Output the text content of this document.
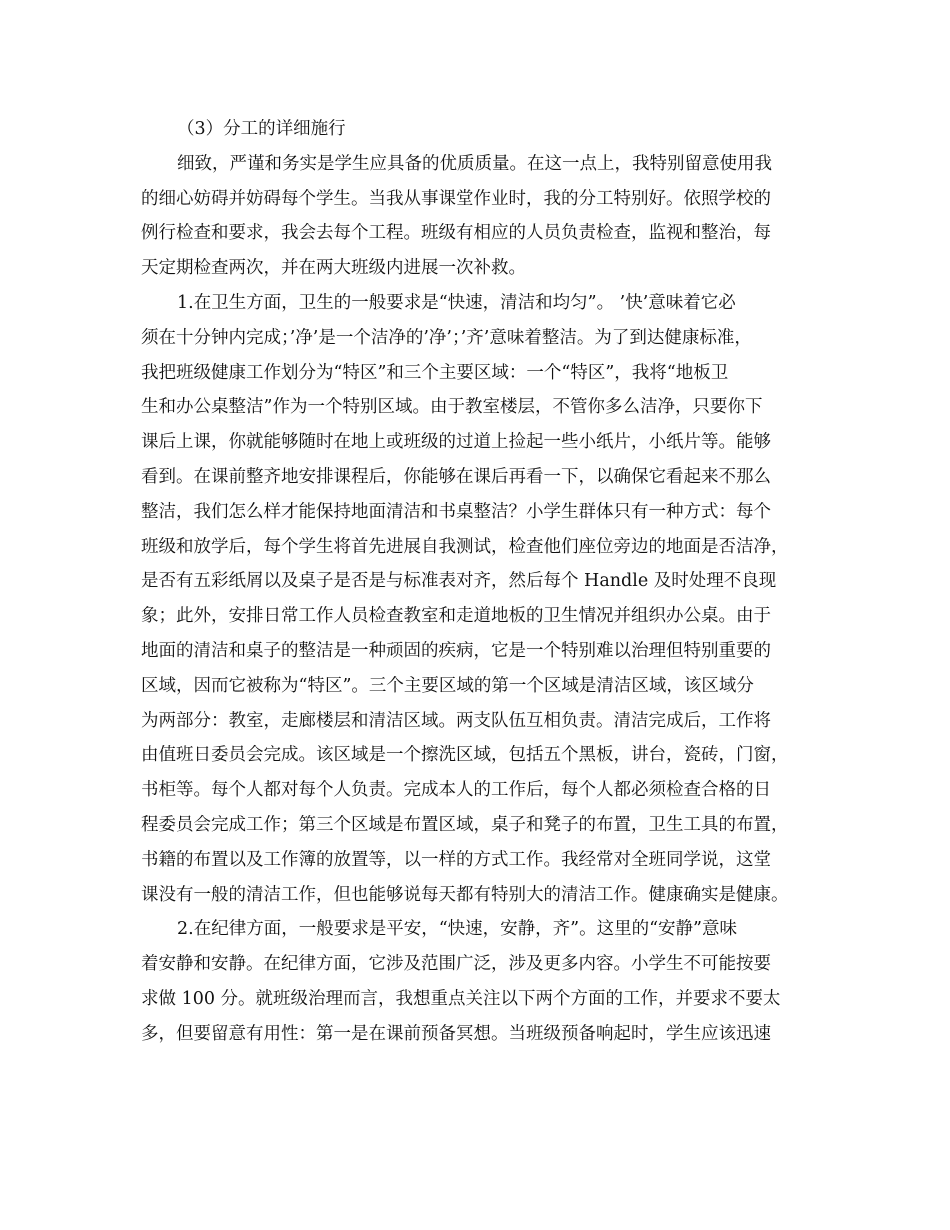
（3）分工的详细施行
细致，严谨和务实是学生应具备的优质质量。在这一点上，我特别留意使用我
的细心妨碍并妨碍每个学生。当我从事课堂作业时，我的分工特别好。依照学校的
例行检查和要求，我会去每个工程。班级有相应的人员负责检查，监视和整治，每
天定期检查两次，并在两大班级内进展一次补救。
1.在卫生方面，卫生的一般要求是“快速，清洁和均匀”。 ’快’意味着它必
须在十分钟内完成；’净’是一个洁净的’净’；’齐’意味着整洁。为了到达健康标准，
我把班级健康工作划分为“特区”和三个主要区域：一个“特区”，我将“地板卫
生和办公桌整洁”作为一个特别区域。由于教室楼层，不管你多么洁净，只要你下
课后上课，你就能够随时在地上或班级的过道上捡起一些小纸片，小纸片等。能够
看到。在课前整齐地安排课程后，你能够在课后再看一下，以确保它看起来不那么
整洁，我们怎么样才能保持地面清洁和书桌整洁？小学生群体只有一种方式：每个
班级和放学后，每个学生将首先进展自我测试，检查他们座位旁边的地面是否洁净，
是否有五彩纸屑以及桌子是否是与标准表对齐，然后每个 Handle 及时处理不良现
象；此外，安排日常工作人员检查教室和走道地板的卫生情况并组织办公桌。由于
地面的清洁和桌子的整洁是一种顽固的疾病，它是一个特别难以治理但特别重要的
区域，因而它被称为“特区”。三个主要区域的第一个区域是清洁区域，该区域分
为两部分：教室，走廊楼层和清洁区域。两支队伍互相负责。清洁完成后，工作将
由值班日委员会完成。该区域是一个擦洗区域，包括五个黑板，讲台，瓷砖，门窗，
书柜等。每个人都对每个人负责。完成本人的工作后，每个人都必须检查合格的日
程委员会完成工作；第三个区域是布置区域，桌子和凳子的布置，卫生工具的布置，
书籍的布置以及工作簿的放置等，以一样的方式工作。我经常对全班同学说，这堂
课没有一般的清洁工作，但也能够说每天都有特别大的清洁工作。健康确实是健康。
2.在纪律方面，一般要求是平安，“快速，安静，齐”。这里的“安静”意味
着安静和安静。在纪律方面，它涉及范围广泛，涉及更多内容。小学生不可能按要
求做 100 分。就班级治理而言，我想重点关注以下两个方面的工作，并要求不要太
多，但要留意有用性：第一是在课前预备冥想。当班级预备响起时，学生应该迅速
